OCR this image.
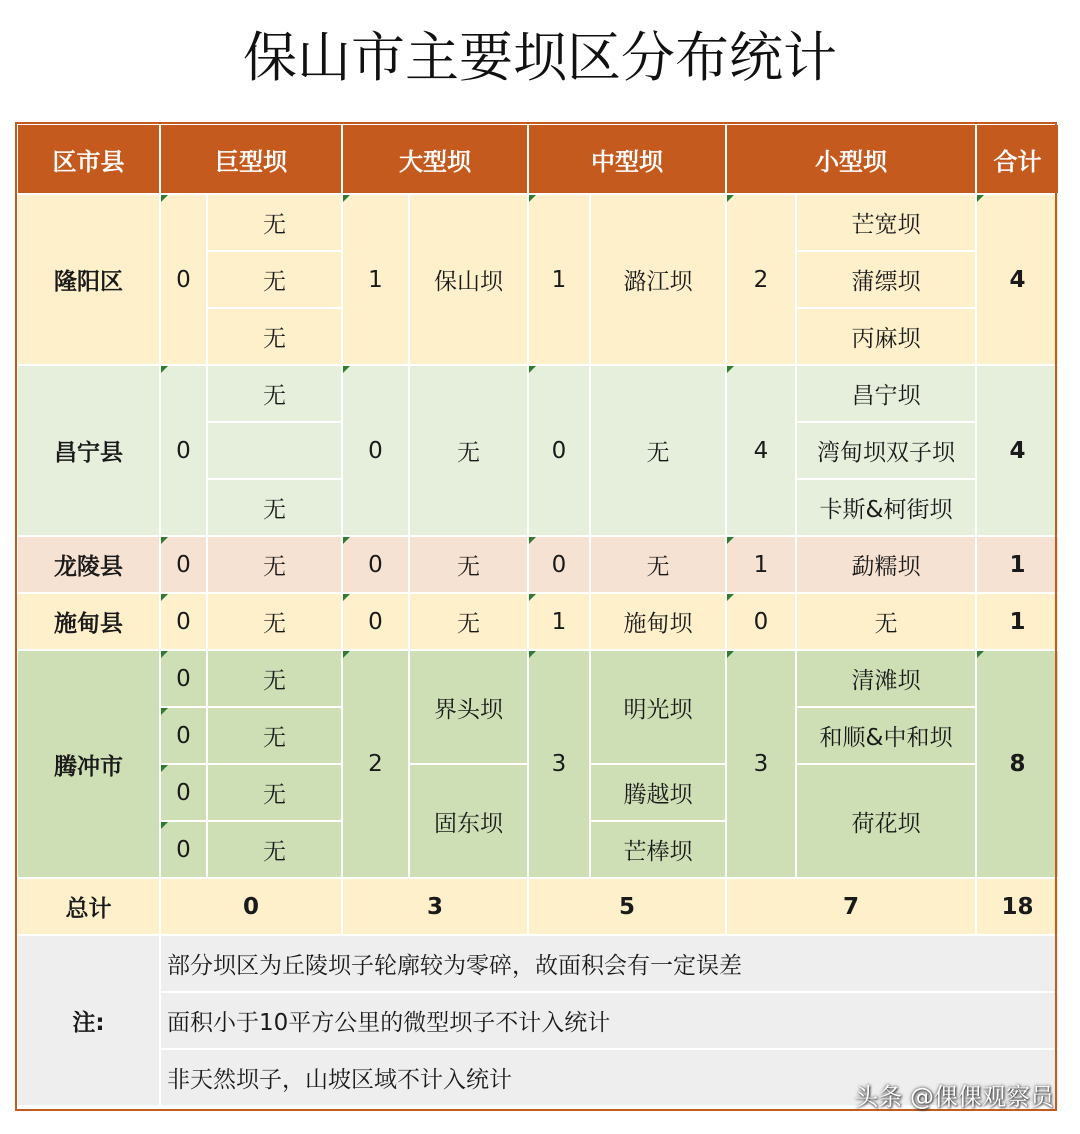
保山市主要坝区分布统计
区市县	巨型坝		大型坝		中型坝		小型坝		合计
隆阳区	0	无	1	保山坝	1	潞江坝	2	芒宽坝	4
		无						蒲缥坝	
		无						丙麻坝	
昌宁县	0	无	0	无	0	无	4	昌宁坝	4
								湾甸坝双子坝	
		无						卡斯&柯街坝	
龙陵县	0	无	0	无	0	无	1	勐糯坝	1
施甸县	0	无	0	无	1	施甸坝	0	无	1
腾冲市	0	无	2	界头坝	3	明光坝	3	清滩坝	8
	0	无						和顺&中和坝	
	0	无		固东坝		腾越坝		荷花坝	
	0	无				芒棒坝			
总计	0		3		5		7		18
注:	部分坝区为丘陵坝子轮廓较为零碎，故面积会有一定误差								
	面积小于10平方公里的微型坝子不计入统计								
	非天然坝子，山坡区域不计入统计								
头条 @倮倮观察员
